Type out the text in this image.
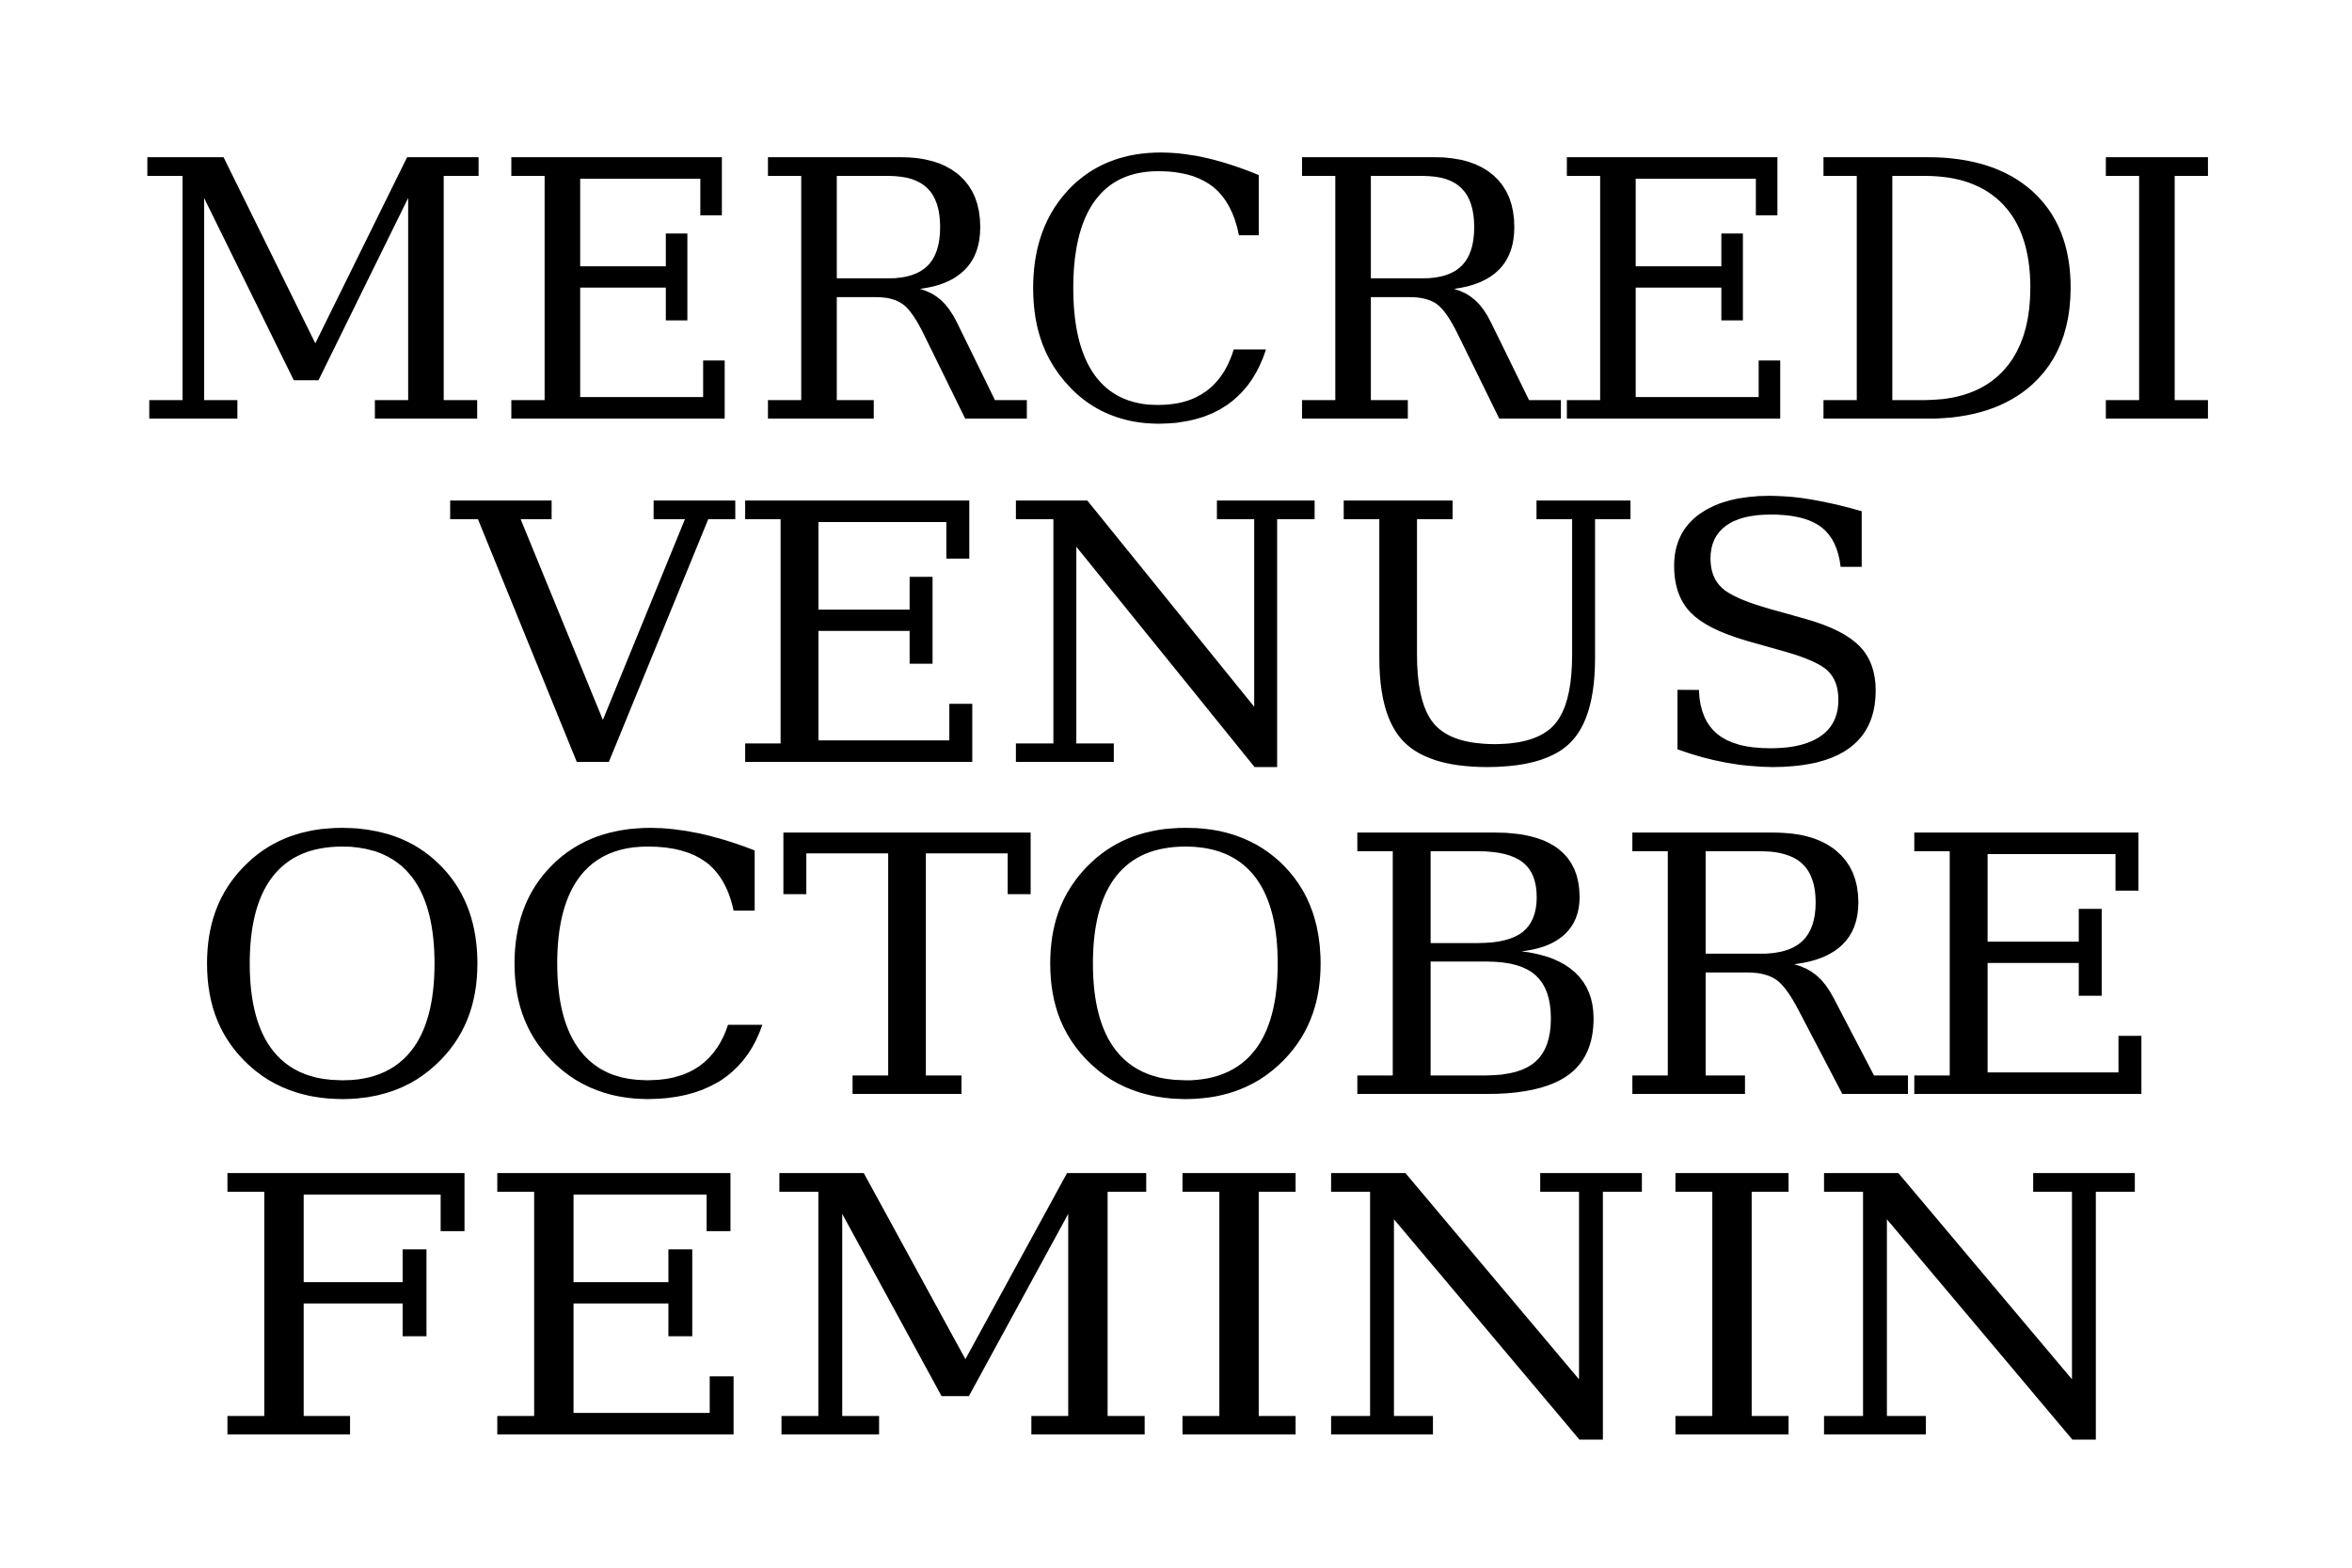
MERCREDI
VENUS
OCTOBRE
FEMININ
